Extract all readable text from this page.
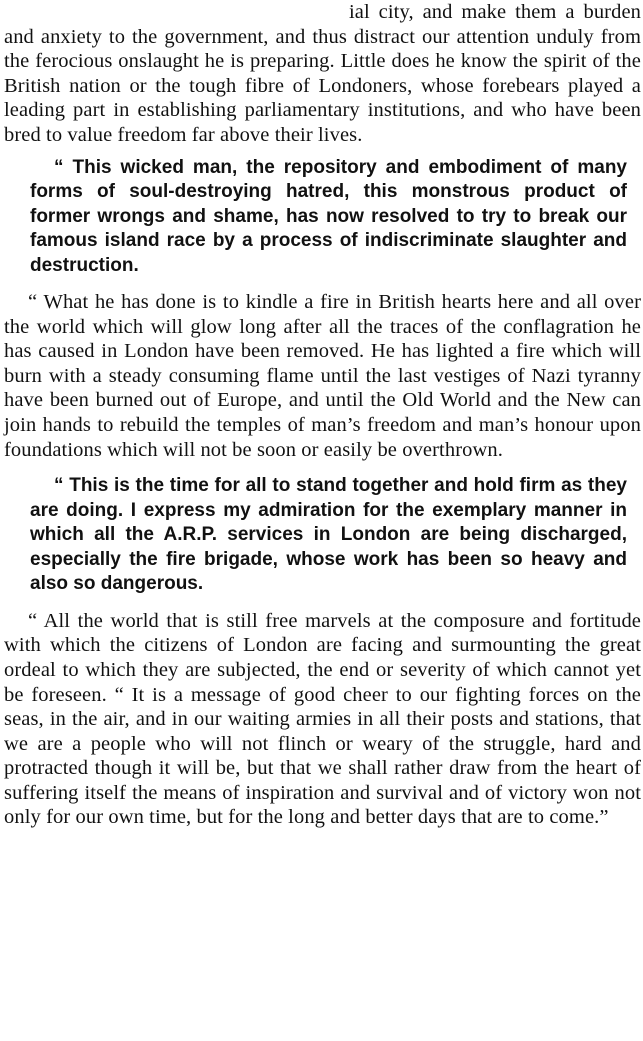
ial city, and make them a burden and anxiety to the government, and thus distract our attention unduly from the ferocious onslaught he is preparing. Little does he know the spirit of the British nation or the tough fibre of Londoners, whose forebears played a leading part in establishing parliamentary institutions, and who have been bred to value freedom far above their lives.

“ This wicked man, the repository and embodiment of many forms of soul-destroying hatred, this monstrous product of former wrongs and shame, has now resolved to try to break our famous island race by a process of indiscriminate slaughter and destruction.

“ What he has done is to kindle a fire in British hearts here and all over the world which will glow long after all the traces of the conflagration he has caused in London have been removed. He has lighted a fire which will burn with a steady consuming flame until the last vestiges of Nazi tyranny have been burned out of Europe, and until the Old World and the New can join hands to rebuild the temples of man’s freedom and man’s honour upon foundations which will not be soon or easily be overthrown.

“ This is the time for all to stand together and hold firm as they are doing. I express my admiration for the exemplary manner in which all the A.R.P. services in London are being discharged, especially the fire brigade, whose work has been so heavy and also so dangerous.

“ All the world that is still free marvels at the composure and fortitude with which the citizens of London are facing and surmounting the great ordeal to which they are subjected, the end or severity of which cannot yet be foreseen. “ It is a message of good cheer to our fighting forces on the seas, in the air, and in our waiting armies in all their posts and stations, that we are a people who will not flinch or weary of the struggle, hard and protracted though it will be, but that we shall rather draw from the heart of suffering itself the means of inspiration and survival and of victory won not only for our own time, but for the long and better days that are to come.”
